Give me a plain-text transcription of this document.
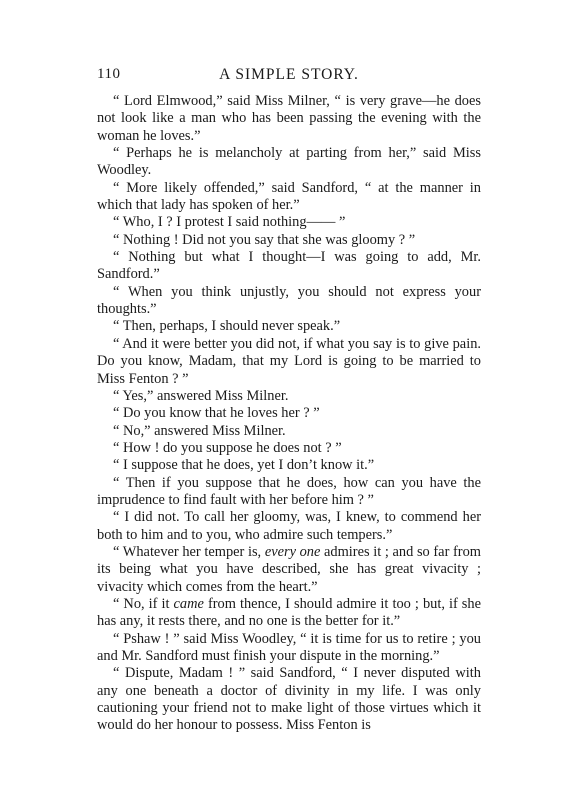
110	A SIMPLE STORY.

“ Lord Elmwood,” said Miss Milner, “ is very grave—he does not look like a man who has been passing the evening with the woman he loves.”

“ Perhaps he is melancholy at parting from her,” said Miss Woodley.

“ More likely offended,” said Sandford, “ at the manner in which that lady has spoken of her.”

“ Who, I ? I protest I said nothing—— ”

“ Nothing ! Did not you say that she was gloomy ? ”

“ Nothing but what I thought—I was going to add, Mr. Sandford.”

“ When you think unjustly, you should not express your thoughts.”

“ Then, perhaps, I should never speak.”

“ And it were better you did not, if what you say is to give pain. Do you know, Madam, that my Lord is going to be married to Miss Fenton ? ”

“ Yes,” answered Miss Milner.

“ Do you know that he loves her ? ”

“ No,” answered Miss Milner.

“ How ! do you suppose he does not ? ”

“ I suppose that he does, yet I don’t know it.”

“ Then if you suppose that he does, how can you have the imprudence to find fault with her before him ? ”

“ I did not. To call her gloomy, was, I knew, to commend her both to him and to you, who admire such tempers.”

“ Whatever her temper is, every one admires it ; and so far from its being what you have described, she has great vivacity ; vivacity which comes from the heart.”

“ No, if it came from thence, I should admire it too ; but, if she has any, it rests there, and no one is the better for it.”

“ Pshaw ! ” said Miss Woodley, “ it is time for us to retire ; you and Mr. Sandford must finish your dispute in the morning.”

“ Dispute, Madam ! ” said Sandford, “ I never disputed with any one beneath a doctor of divinity in my life. I was only cautioning your friend not to make light of those virtues which it would do her honour to possess. Miss Fenton is
